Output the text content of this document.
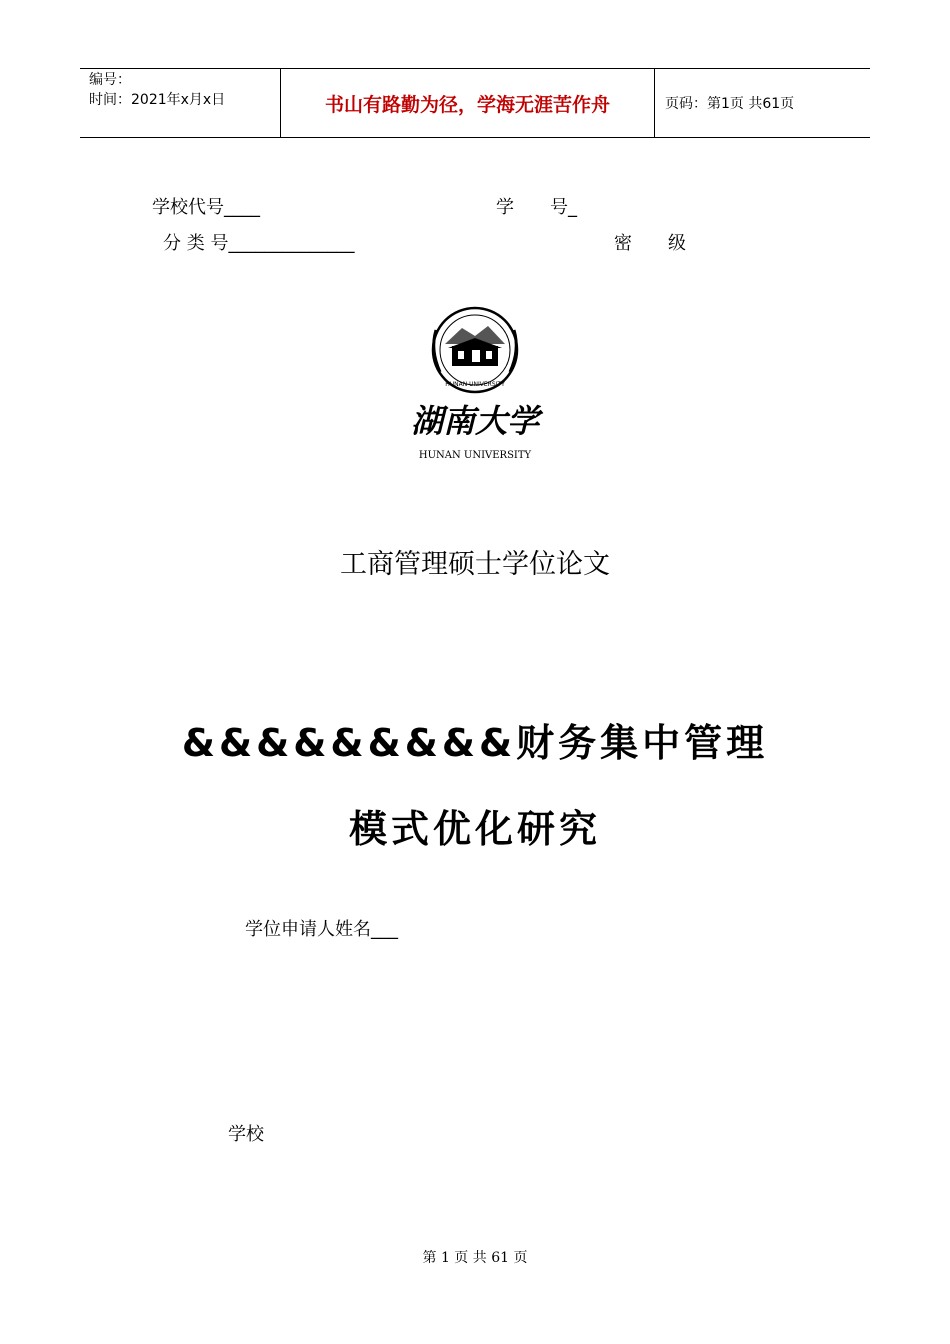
编号：
时间：2021年x月x日	书山有路勤为径，学海无涯苦作舟	页码：第1页 共61页
学校代号____	学　　号_
分 类 号______________	密　　级
HUNAN UNIVERSITY
湖南大学
HUNAN UNIVERSITY
工商管理硕士学位论文
&&&&&&&&&财务集中管理
模式优化研究
学位申请人姓名___
学校
第 1 页 共 61 页
